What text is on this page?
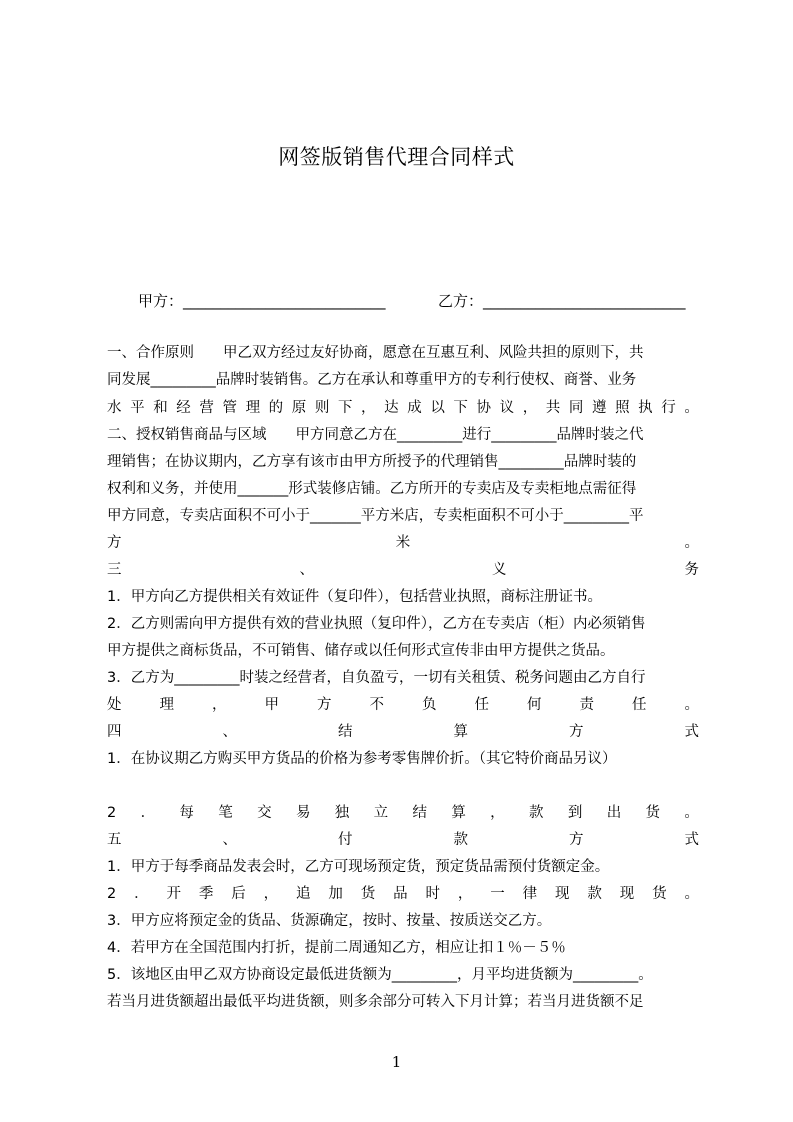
网签版销售代理合同样式
甲方：___________________________	乙方：___________________________
一、合作原则　　甲乙双方经过友好协商，愿意在互惠互利、风险共担的原则下，共
同发展_________品牌时装销售。乙方在承认和尊重甲方的专利行使权、商誉、业务
水 平 和 经 营 管 理 的 原 则 下 ， 达 成 以 下 协 议 ， 共 同 遵 照 执 行 。
二、授权销售商品与区域　　甲方同意乙方在_________进行_________品牌时装之代
理销售；在协议期内，乙方享有该市由甲方所授予的代理销售_________品牌时装的
权利和义务，并使用_______形式装修店铺。乙方所开的专卖店及专卖柜地点需征得
甲方同意，专卖店面积不可小于_______平方米店，专卖柜面积不可小于_________平
方	米	。
三	、	义	务
1．甲方向乙方提供相关有效证件（复印件），包括营业执照，商标注册证书。
2．乙方则需向甲方提供有效的营业执照（复印件），乙方在专卖店（柜）内必须销售
甲方提供之商标货品，不可销售、储存或以任何形式宣传非由甲方提供之货品。
3．乙方为_________时装之经营者，自负盈亏，一切有关租赁、税务问题由乙方自行
处	理	，	甲	方	不	负	任	何	责	任	。
四	、	结	算	方	式
1．在协议期乙方购买甲方货品的价格为参考零售牌价折。（其它特价商品另议）
2 ． 每 笔 交 易 独 立 结 算 ， 款 到 出 货 。
五	、	付	款	方	式
1．甲方于每季商品发表会时，乙方可现场预定货，预定货品需预付货额定金。
2 ． 开 季 后 ， 追 加 货 品 时 ， 一 律 现 款 现 货 。
3．甲方应将预定金的货品、货源确定，按时、按量、按质送交乙方。
4．若甲方在全国范围内打折，提前二周通知乙方，相应让扣１％－５％
5．该地区由甲乙双方协商设定最低进货额为_________，月平均进货额为_________。
若当月进货额超出最低平均进货额，则多余部分可转入下月计算；若当月进货额不足
1
